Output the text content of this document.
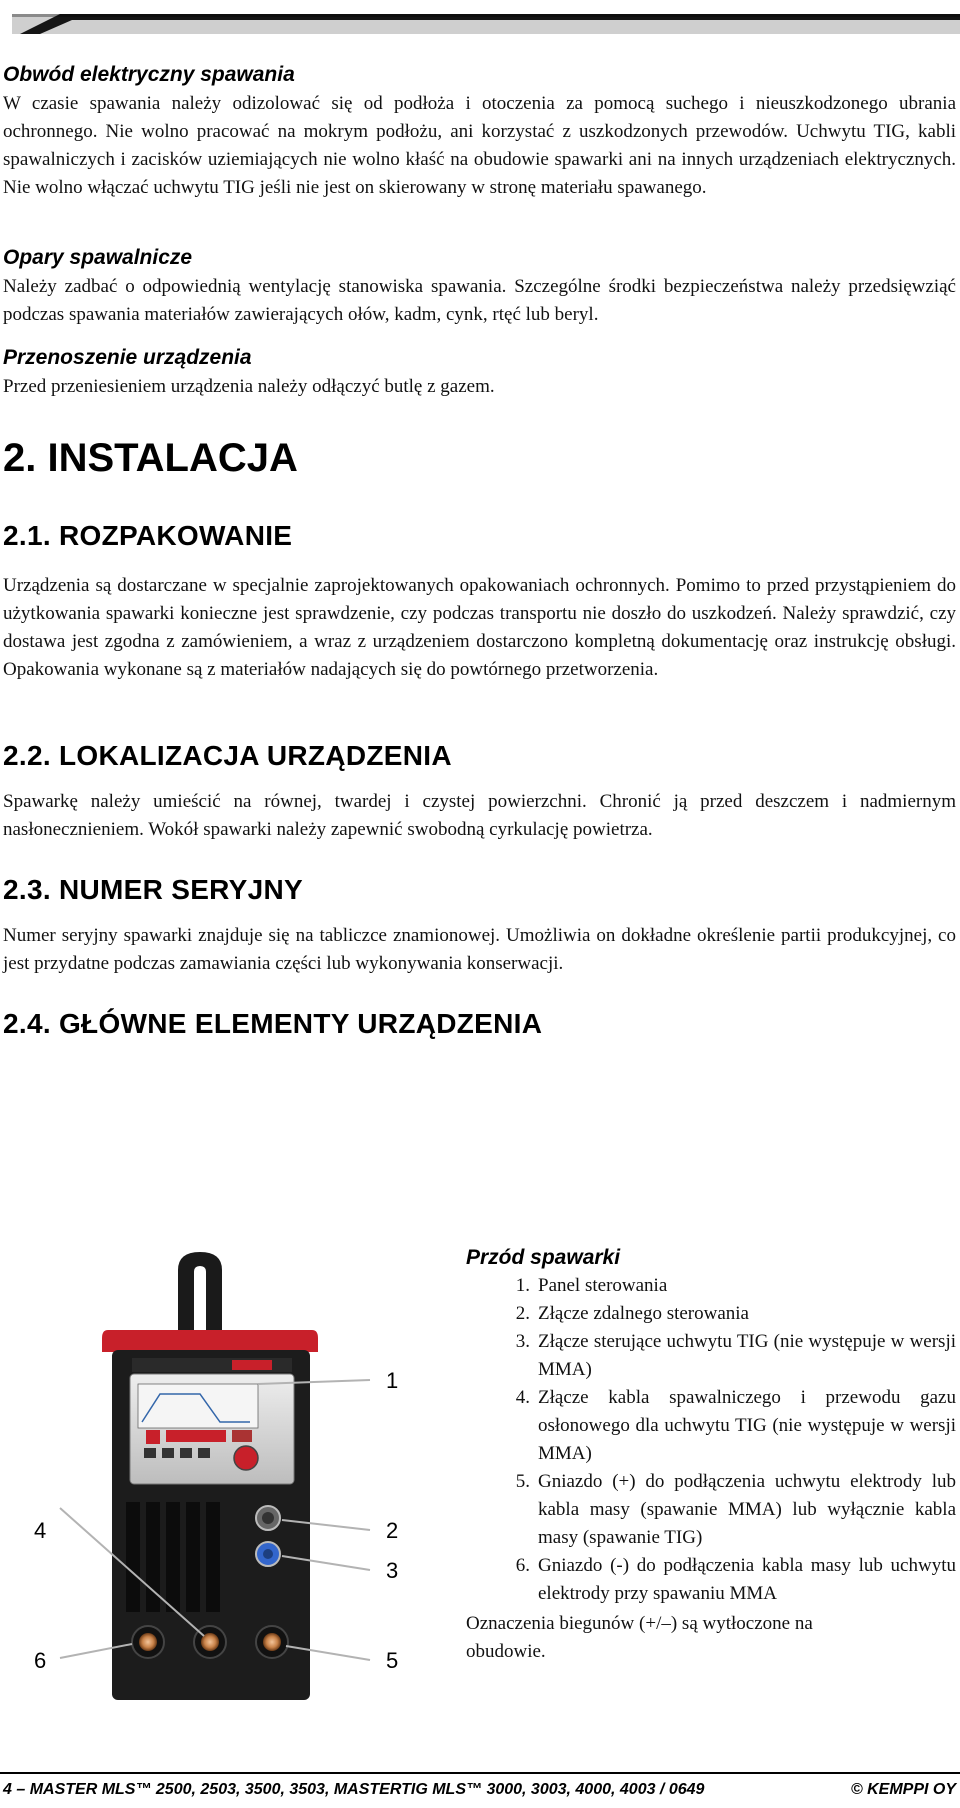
Obwód elektryczny spawania

W czasie spawania należy odizolować się od podłoża i otoczenia za pomocą suchego i nieuszkodzonego ubrania ochronnego. Nie wolno pracować na mokrym podłożu, ani korzystać z uszkodzonych przewodów. Uchwytu TIG, kabli spawalniczych i zacisków uziemiających nie wolno kłaść na obudowie spawarki ani na innych urządzeniach elektrycznych. Nie wolno włączać uchwytu TIG jeśli nie jest on skierowany w stronę materiału spawanego.

Opary spawalnicze

Należy zadbać o odpowiednią wentylację stanowiska spawania. Szczególne środki bezpieczeństwa należy przedsięwziąć podczas spawania materiałów zawierających ołów, kadm, cynk, rtęć lub beryl.

Przenoszenie urządzenia

Przed przeniesieniem urządzenia należy odłączyć butlę z gazem.

2. INSTALACJA
2.1. ROZPAKOWANIE

Urządzenia są dostarczane w specjalnie zaprojektowanych opakowaniach ochronnych. Pomimo to przed przystąpieniem do użytkowania spawarki konieczne jest sprawdzenie, czy podczas transportu nie doszło do uszkodzeń. Należy sprawdzić, czy dostawa jest zgodna z zamówieniem, a wraz z urządzeniem dostarczono kompletną dokumentację oraz instrukcję obsługi. Opakowania wykonane są z materiałów nadających się do powtórnego przetworzenia.

2.2. LOKALIZACJA URZĄDZENIA

Spawarkę należy umieścić na równej, twardej i czystej powierzchni. Chronić ją przed deszczem i nadmiernym nasłonecznieniem. Wokół spawarki należy zapewnić swobodną cyrkulację powietrza.

2.3. NUMER SERYJNY

Numer seryjny spawarki znajduje się na tabliczce znamionowej. Umożliwia on dokładne określenie partii produkcyjnej, co jest przydatne podczas zamawiania części lub wykonywania konserwacji.

2.4. GŁÓWNE ELEMENTY URZĄDZENIA
1
2
3
4
5
6
Przód spawarki
1. Panel sterowania
2. Złącze zdalnego sterowania
3. Złącze sterujące uchwytu TIG (nie występuje w wersji MMA)
4. Złącze kabla spawalniczego i przewodu gazu osłonowego dla uchwytu TIG (nie występuje w wersji MMA)
5. Gniazdo (+) do podłączenia uchwytu elektrody lub kabla masy (spawanie MMA) lub wyłącznie kabla masy (spawanie TIG)
6. Gniazdo (-) do podłączenia kabla masy lub uchwytu elektrody przy spawaniu MMA

Oznaczenia biegunów (+/–) są wytłoczone na obudowie.

4 – MASTER MLS™ 2500, 2503, 3500, 3503, MASTERTIG MLS™ 3000, 3003, 4000, 4003 / 0649	© KEMPPI OY
